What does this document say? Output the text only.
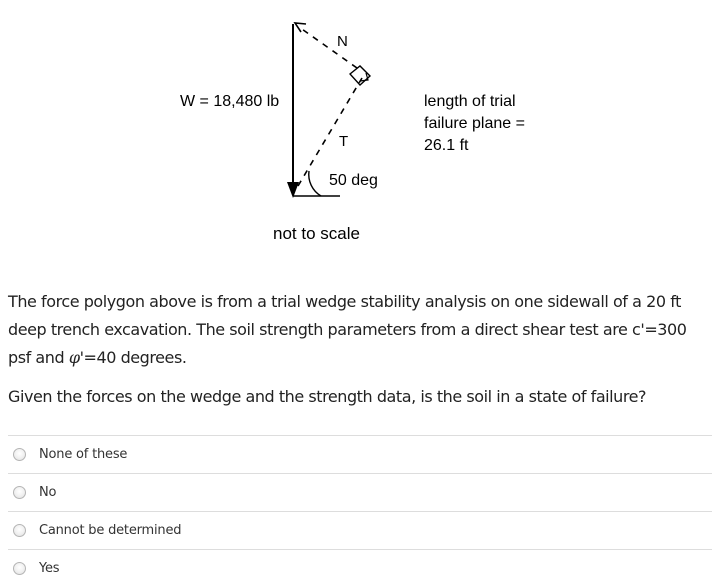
W = 18,480 lb
N
T
50 deg
length of trial
failure plane =
26.1 ft
not to scale

The force polygon above is from a trial wedge stability analysis on one sidewall of a 20 ft deep trench excavation. The soil strength parameters from a direct shear test are c'=300 psf and φ'=40 degrees.

Given the forces on the wedge and the strength data, is the soil in a state of failure?

None of these
No
Cannot be determined
Yes
